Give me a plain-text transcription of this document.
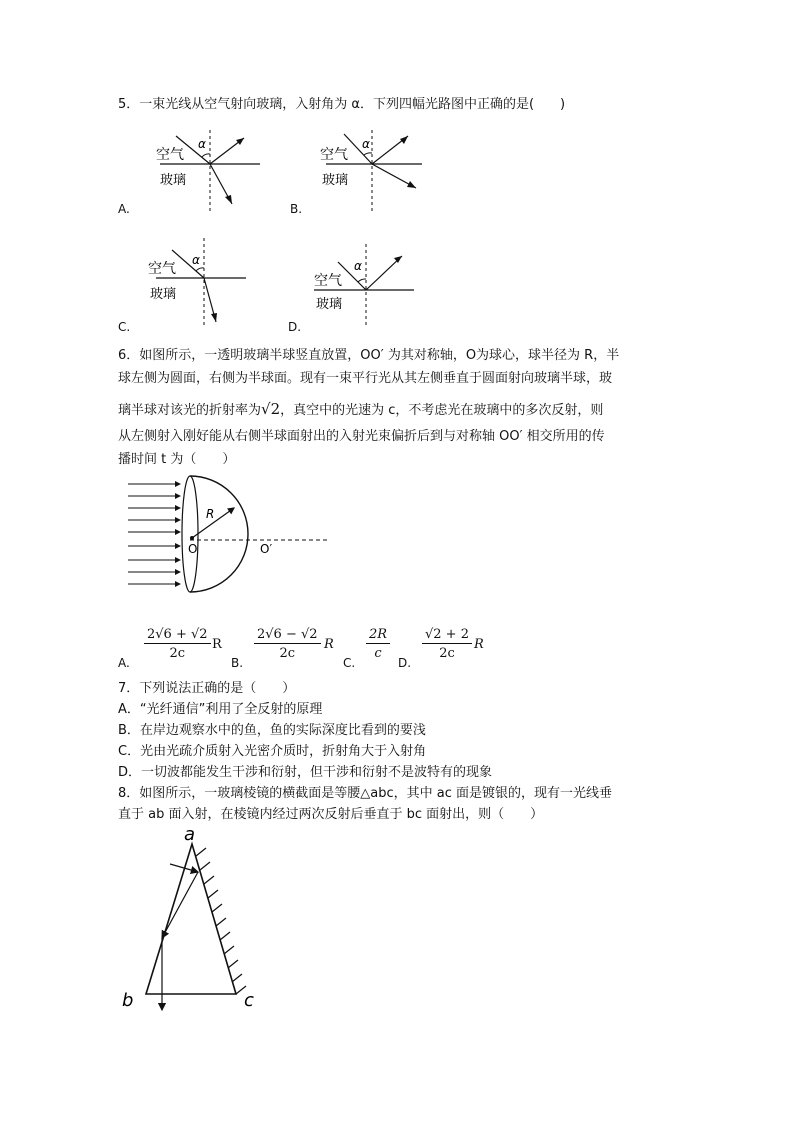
5．一束光线从空气射向玻璃，入射角为 α．下列四幅光路图中正确的是(　　)
α
空气
玻璃
A.
α
空气
玻璃
B.
α
空气
玻璃
C.
α
空气
玻璃
D.
6．如图所示，一透明玻璃半球竖直放置，OO′ 为其对称轴，O为球心，球半径为 R，半
球左侧为圆面，右侧为半球面。现有一束平行光从其左侧垂直于圆面射向玻璃半球，玻
璃半球对该光的折射率为√2，真空中的光速为 c，不考虑光在玻璃中的多次反射，则
从左侧射入刚好能从右侧半球面射出的入射光束偏折后到与对称轴 OO′ 相交所用的传
播时间 t 为（　　）
R
O	O′
A.
$\frac{2√6 + √2}{2c}$ R
B.
$\frac{2√6 - √2}{2c}$ R
C.
$\frac{2R}{c}$
D.
$\frac{√2 + 2}{2c}$ R
7．下列说法正确的是（　　）
A．“光纤通信”利用了全反射的原理
B．在岸边观察水中的鱼，鱼的实际深度比看到的要浅
C．光由光疏介质射入光密介质时，折射角大于入射角
D．一切波都能发生干涉和衍射，但干涉和衍射不是波特有的现象
8．如图所示，一玻璃棱镜的横截面是等腰△abc，其中 ac 面是镀银的，现有一光线垂
直于 ab 面入射，在棱镜内经过两次反射后垂直于 bc 面射出，则（　　）
a
b	c
